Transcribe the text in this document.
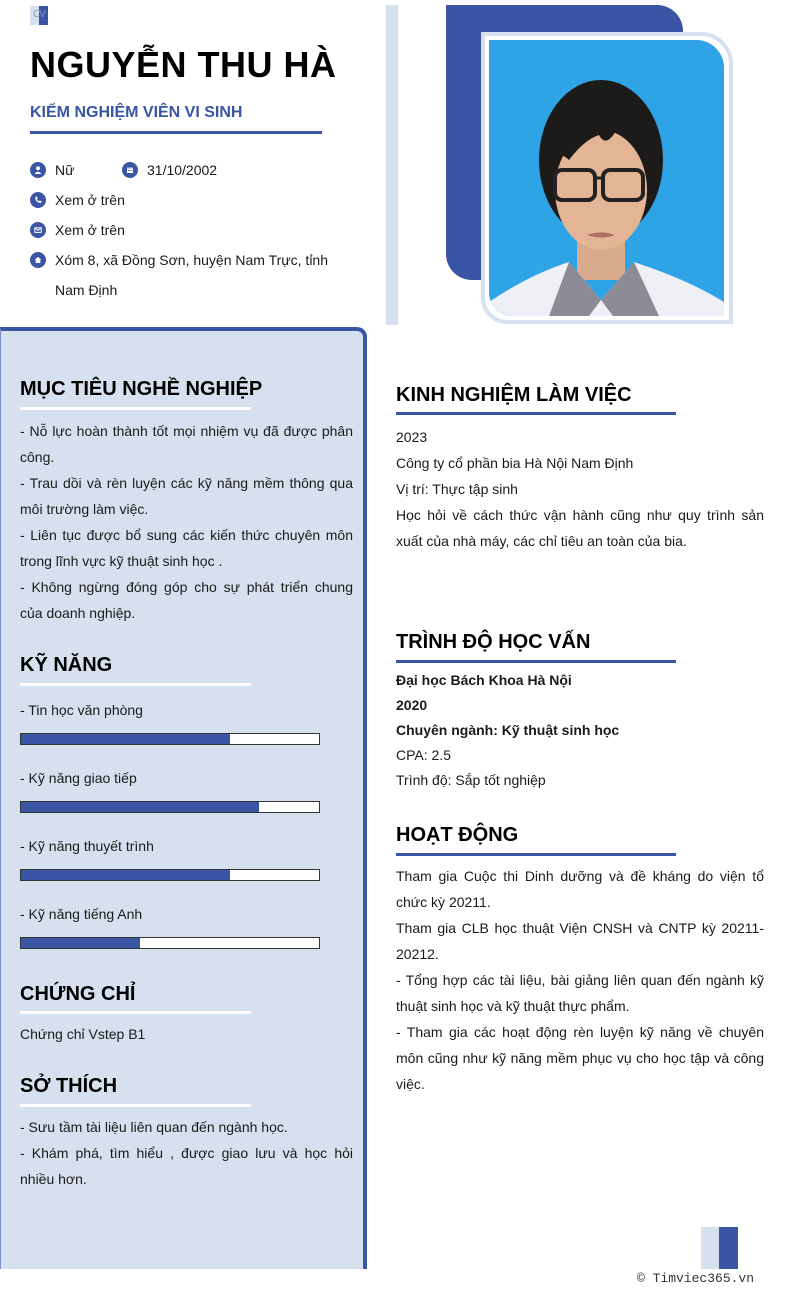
CV
NGUYỄN THU HÀ
KIỂM NGHIỆM VIÊN VI SINH
Nữ	31/10/2002
Xem ở trên
Xem ở trên
Xóm 8, xã Đồng Sơn, huyện Nam Trực, tỉnh
Nam Định
MỤC TIÊU NGHỀ NGHIỆP

- Nỗ lực hoàn thành tốt mọi nhiệm vụ đã được phân công.

- Trau dồi và rèn luyện các kỹ năng mềm thông qua môi trường làm việc.

- Liên tục được bổ sung các kiến thức chuyên môn trong lĩnh vực kỹ thuật sinh học .

- Không ngừng đóng góp cho sự phát triển chung của doanh nghiệp.

KỸ NĂNG
- Tin học văn phòng
- Kỹ năng giao tiếp
- Kỹ năng thuyết trình
- Kỹ năng tiếng Anh
CHỨNG CHỈ
Chứng chỉ Vstep B1
SỞ THÍCH

- Sưu tầm tài liệu liên quan đến ngành học.

- Khám phá, tìm hiểu , được giao lưu và học hỏi nhiều hơn.

KINH NGHIỆM LÀM VIỆC

2023

Công ty cổ phần bia Hà Nội Nam Định

Vị trí: Thực tập sinh

Học hỏi về cách thức vận hành cũng như quy trình sản xuất của nhà máy, các chỉ tiêu an toàn của bia.

TRÌNH ĐỘ HỌC VẤN

Đại học Bách Khoa Hà Nội

2020

Chuyên ngành: Kỹ thuật sinh học

CPA: 2.5

Trình độ: Sắp tốt nghiệp

HOẠT ĐỘNG

Tham gia Cuộc thi Dinh dưỡng và đề kháng do viện tổ chức kỳ 20211.

Tham gia CLB học thuật Viện CNSH và CNTP kỳ 20211-20212.

- Tổng hợp các tài liệu, bài giảng liên quan đến ngành kỹ thuật sinh học và kỹ thuật thực phẩm.

- Tham gia các hoạt động rèn luyện kỹ năng về chuyên môn cũng như kỹ năng mềm phục vụ cho học tập và công việc.

© Timviec365.vn
